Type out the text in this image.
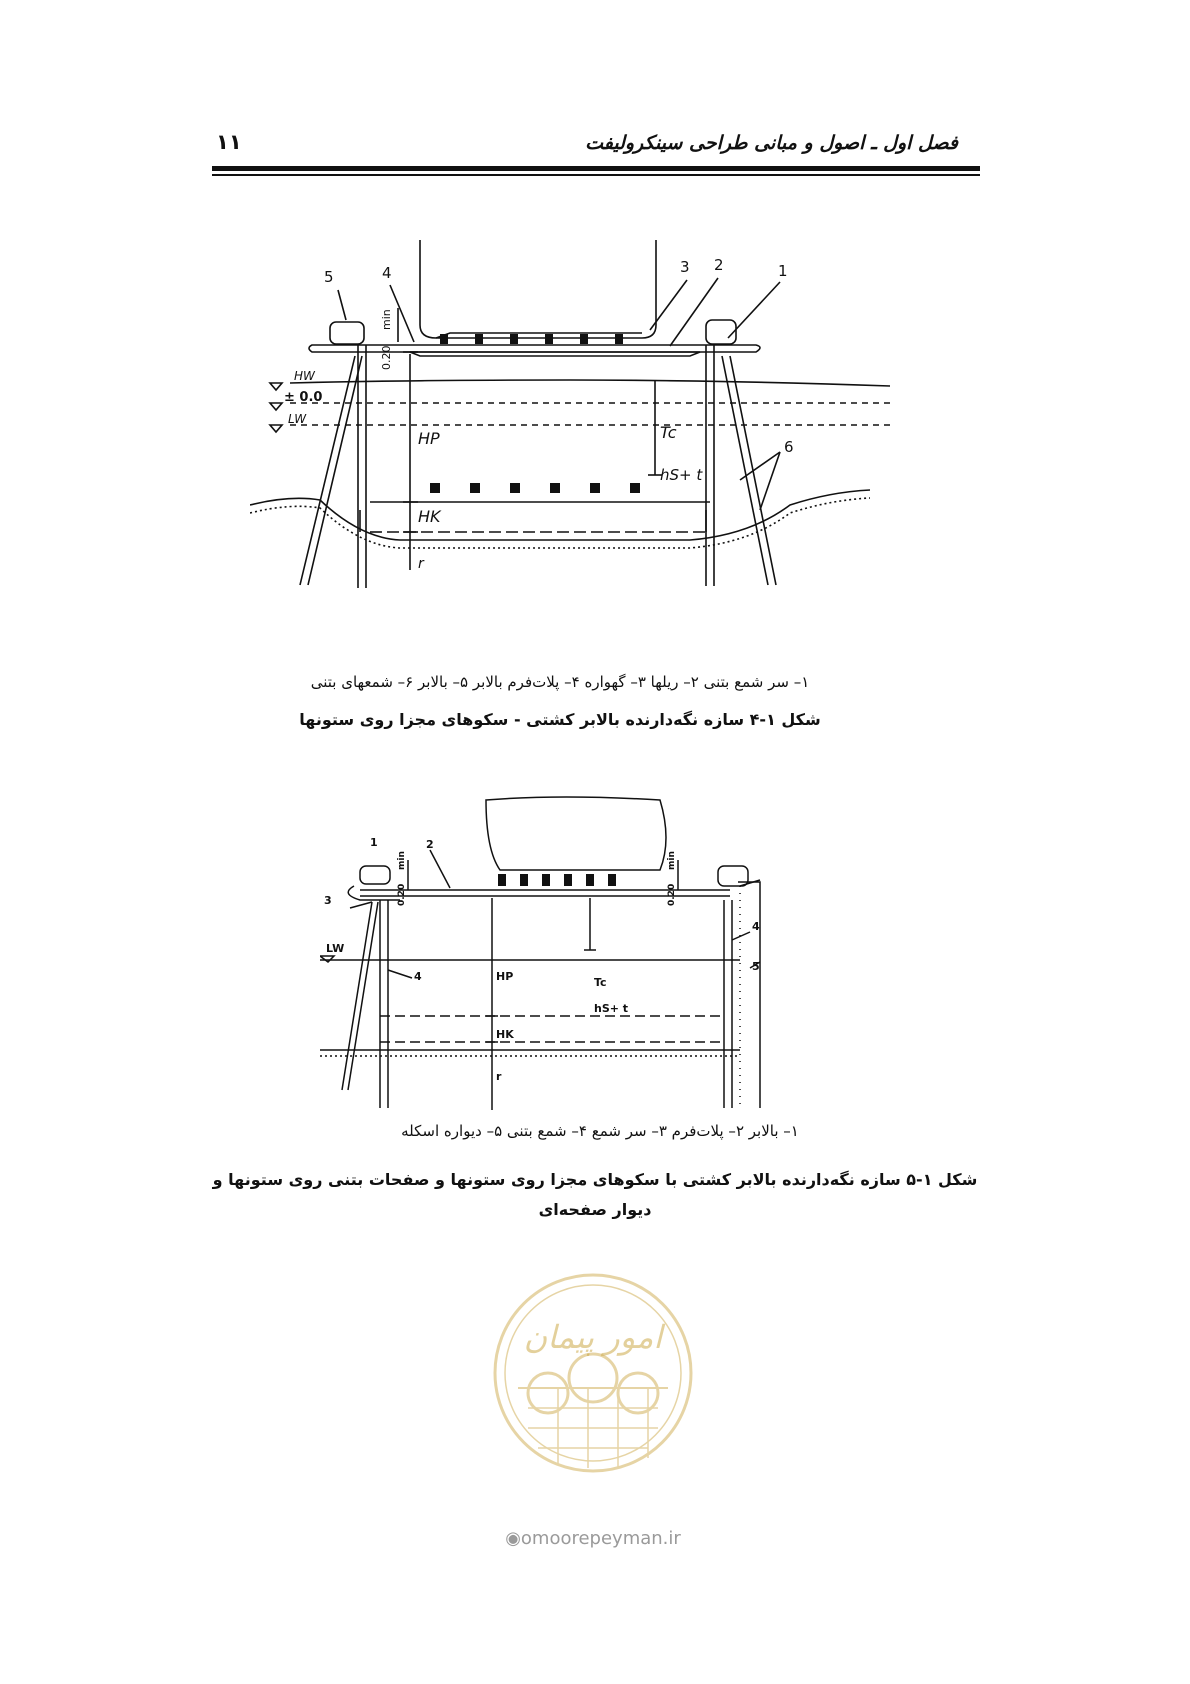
فصل اول ـ اصول و مبانی طراحی سینکرولیفت
۱۱
5	4	3 2	1
6
min
0.20
HW
± 0.0
LW
HP	Tc
hS+ t
HK
r
۱– سر شمع بتنی ۲– ریلها ۳– گهواره ۴– پلات‌فرم بالابر ۵– بالابر ۶– شمعهای بتنی
شکل ۱-۴ سازه نگه‌دارنده بالابر کشتی - سکوهای مجزا روی ستونها
1	2
3
4
4
5
min
0.20
min
0.20
LW
HP	Tc
hS+ t
HK
r
۱– بالابر ۲– پلات‌فرم ۳– سر شمع ۴– شمع بتنی ۵– دیواره اسکله
شکل ۱-۵ سازه نگه‌دارنده بالابر کشتی با سکوهای مجزا روی ستونها و صفحات بتنی روی ستونها و
دیوار صفحه‌ای
امور پیمان
◉omoorepeyman.ir
